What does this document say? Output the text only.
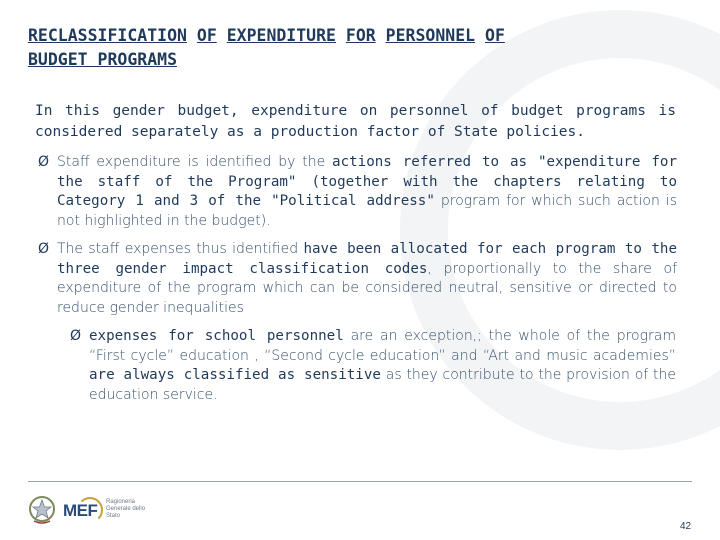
RECLASSIFICATION OF EXPENDITURE FOR PERSONNEL OF
BUDGET PROGRAMS
In this gender budget, expenditure on personnel of budget programs is considered separately as a production factor of State policies.
Ø Staff expenditure is identified by the actions referred to as "expenditure for the staff of the Program" (together with the chapters relating to Category 1 and 3 of the "Political address" program for which such action is not highlighted in the budget).
Ø The staff expenses thus identified have been allocated for each program to the three gender impact classification codes, proportionally to the share of expenditure of the program which can be considered neutral, sensitive or directed to reduce gender inequalities
Ø expenses for school personnel are an exception,; the whole of the program “First cycle” education , “Second cycle education” and “Art and music academies” are always classified as sensitive as they contribute to the provision of the education service.
MEF Ragioneria Generale dello Stato
42
